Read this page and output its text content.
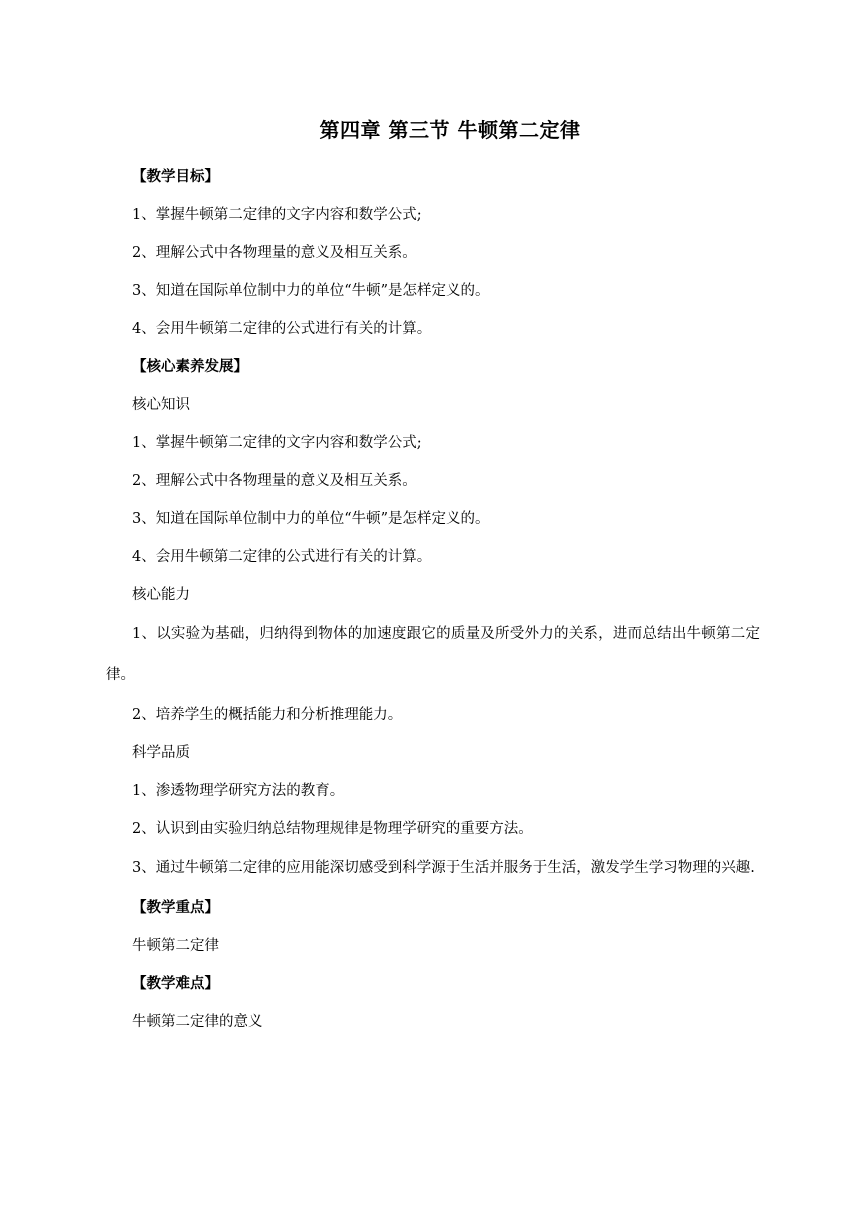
第四章 第三节 牛顿第二定律
【教学目标】
1、掌握牛顿第二定律的文字内容和数学公式;
2、理解公式中各物理量的意义及相互关系。
3、知道在国际单位制中力的单位“牛顿”是怎样定义的。
4、会用牛顿第二定律的公式进行有关的计算。
【核心素养发展】
核心知识
1、掌握牛顿第二定律的文字内容和数学公式;
2、理解公式中各物理量的意义及相互关系。
3、知道在国际单位制中力的单位“牛顿”是怎样定义的。
4、会用牛顿第二定律的公式进行有关的计算。
核心能力
1、以实验为基础，归纳得到物体的加速度跟它的质量及所受外力的关系，进而总结出牛顿第二定律。
2、培养学生的概括能力和分析推理能力。
科学品质
1、渗透物理学研究方法的教育。
2、认识到由实验归纳总结物理规律是物理学研究的重要方法。
3、通过牛顿第二定律的应用能深切感受到科学源于生活并服务于生活，激发学生学习物理的兴趣.
【教学重点】
牛顿第二定律
【教学难点】
牛顿第二定律的意义
